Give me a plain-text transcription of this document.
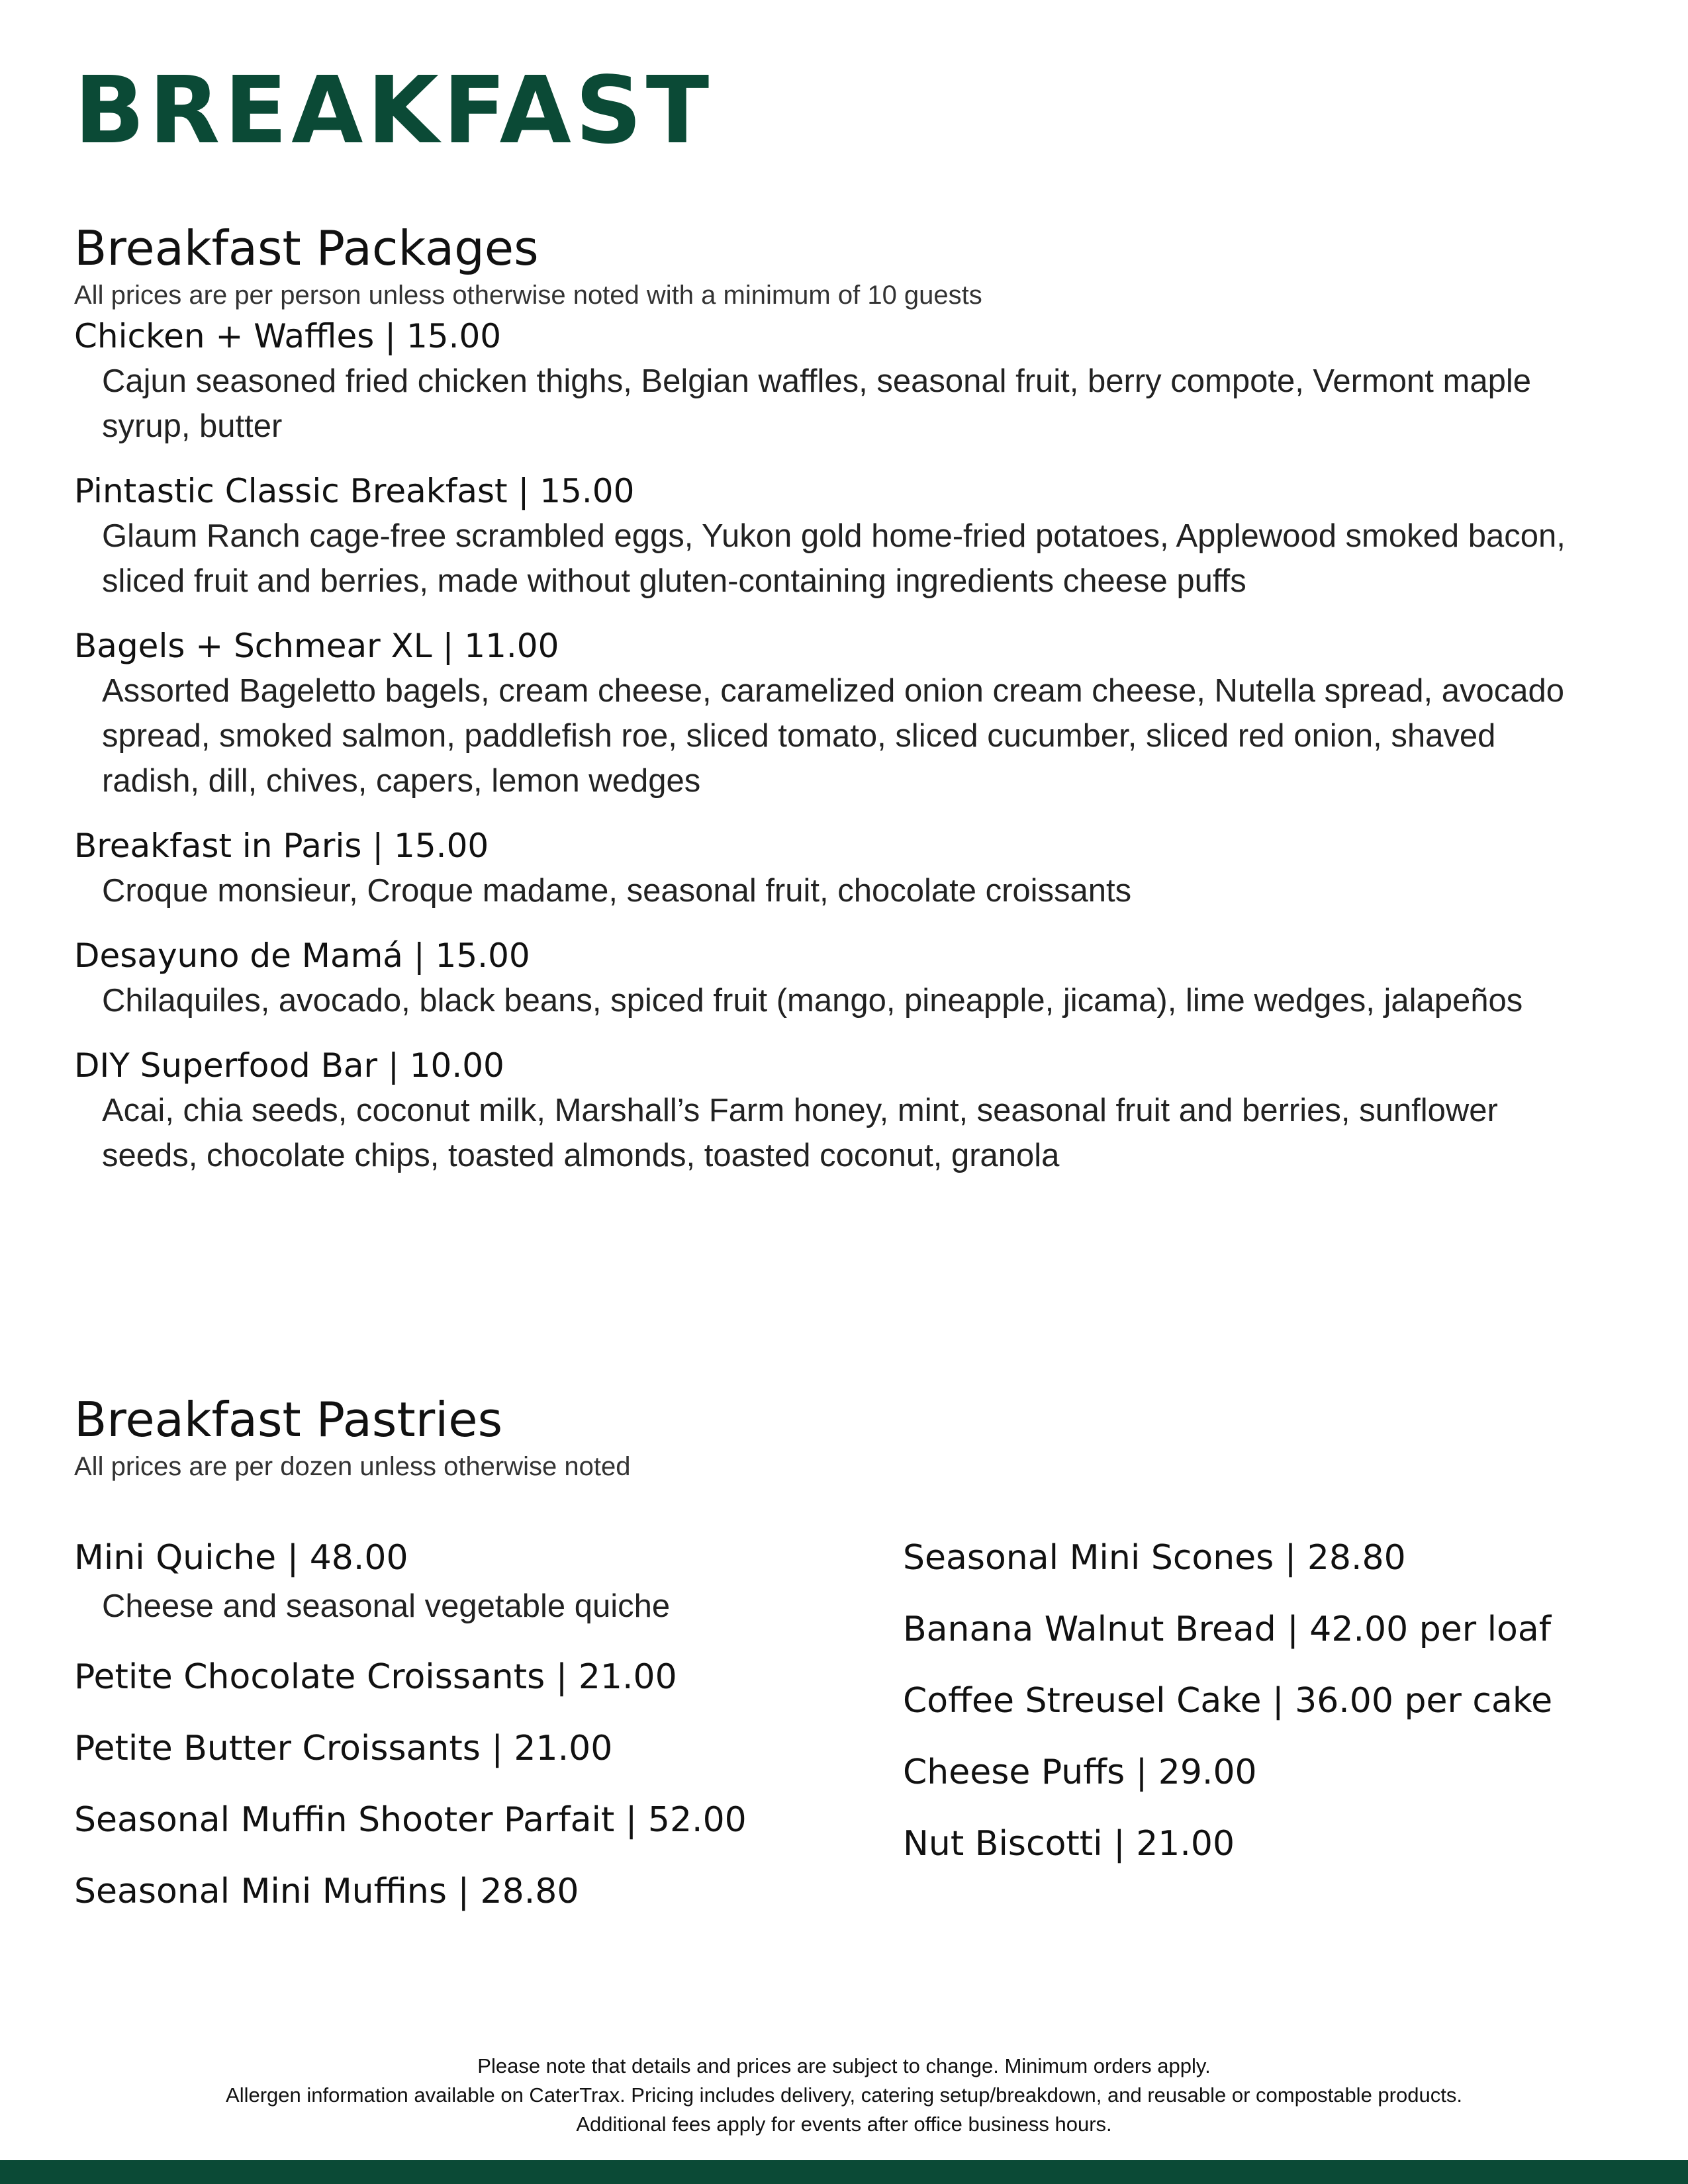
BREAKFAST
Breakfast Packages

All prices are per person unless otherwise noted with a minimum of 10 guests

Chicken + Waffles | 15.00

Cajun seasoned fried chicken thighs, Belgian waffles, seasonal fruit, berry compote, Vermont maple syrup, butter

Pintastic Classic Breakfast | 15.00

Glaum Ranch cage-free scrambled eggs, Yukon gold home-fried potatoes, Applewood smoked bacon, sliced fruit and berries, made without gluten-containing ingredients cheese puffs

Bagels + Schmear XL | 11.00

Assorted Bageletto bagels, cream cheese, caramelized onion cream cheese, Nutella spread, avocado spread, smoked salmon, paddlefish roe, sliced tomato, sliced cucumber, sliced red onion, shaved radish, dill, chives, capers, lemon wedges

Breakfast in Paris | 15.00

Croque monsieur, Croque madame, seasonal fruit, chocolate croissants

Desayuno de Mamá | 15.00

Chilaquiles, avocado, black beans, spiced fruit (mango, pineapple, jicama), lime wedges, jalapeños

DIY Superfood Bar | 10.00

Acai, chia seeds, coconut milk, Marshall’s Farm honey, mint, seasonal fruit and berries, sunflower seeds, chocolate chips, toasted almonds, toasted coconut, granola

Breakfast Pastries

All prices are per dozen unless otherwise noted

Mini Quiche | 48.00

Cheese and seasonal vegetable quiche

Petite Chocolate Croissants | 21.00

Petite Butter Croissants | 21.00

Seasonal Muffin Shooter Parfait | 52.00

Seasonal Mini Muffins | 28.80

Seasonal Mini Scones | 28.80

Banana Walnut Bread | 42.00 per loaf

Coffee Streusel Cake | 36.00 per cake

Cheese Puffs | 29.00

Nut Biscotti | 21.00

Please note that details and prices are subject to change. Minimum orders apply.

Allergen information available on CaterTrax. Pricing includes delivery, catering setup/breakdown, and reusable or compostable products.

Additional fees apply for events after office business hours.
